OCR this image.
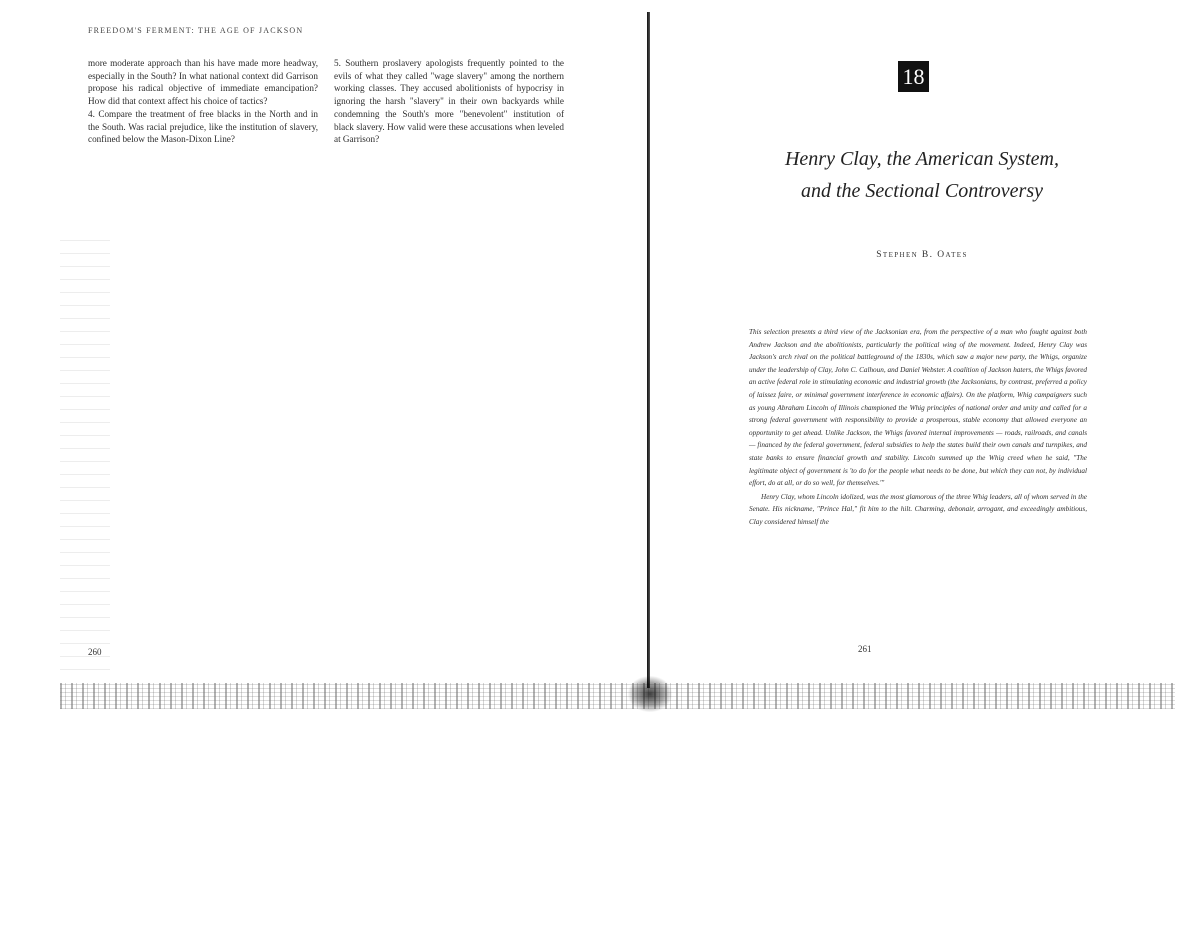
FREEDOM'S FERMENT: THE AGE OF JACKSON

more moderate approach than his have made more headway, especially in the South? In what national context did Garrison propose his radical objective of immediate emancipation? How did that context affect his choice of tactics?

4. Compare the treatment of free blacks in the North and in the South. Was racial prejudice, like the institution of slavery, confined below the Mason-Dixon Line?

5. Southern proslavery apologists frequently pointed to the evils of what they called "wage slavery" among the northern working classes. They accused abolitionists of hypocrisy in ignoring the harsh "slavery" in their own backyards while condemning the South's more "benevolent" institution of black slavery. How valid were these accusations when leveled at Garrison?

260
18
Henry Clay, the American System,
and the Sectional Controversy
Stephen B. Oates

This selection presents a third view of the Jacksonian era, from the perspective of a man who fought against both Andrew Jackson and the abolitionists, particularly the political wing of the movement. Indeed, Henry Clay was Jackson's arch rival on the political battleground of the 1830s, which saw a major new party, the Whigs, organize under the leadership of Clay, John C. Calhoun, and Daniel Webster. A coalition of Jackson haters, the Whigs favored an active federal role in stimulating economic and industrial growth (the Jacksonians, by contrast, preferred a policy of laissez faire, or minimal government interference in economic affairs). On the platform, Whig campaigners such as young Abraham Lincoln of Illinois championed the Whig principles of national order and unity and called for a strong federal government with responsibility to provide a prosperous, stable economy that allowed everyone an opportunity to get ahead. Unlike Jackson, the Whigs favored internal improvements — roads, railroads, and canals — financed by the federal government, federal subsidies to help the states build their own canals and turnpikes, and state banks to ensure financial growth and stability. Lincoln summed up the Whig creed when he said, "The legitimate object of government is 'to do for the people what needs to be done, but which they can not, by individual effort, do at all, or do so well, for themselves.'"

Henry Clay, whom Lincoln idolized, was the most glamorous of the three Whig leaders, all of whom served in the Senate. His nickname, "Prince Hal," fit him to the hilt. Charming, debonair, arrogant, and exceedingly ambitious, Clay considered himself the

261
